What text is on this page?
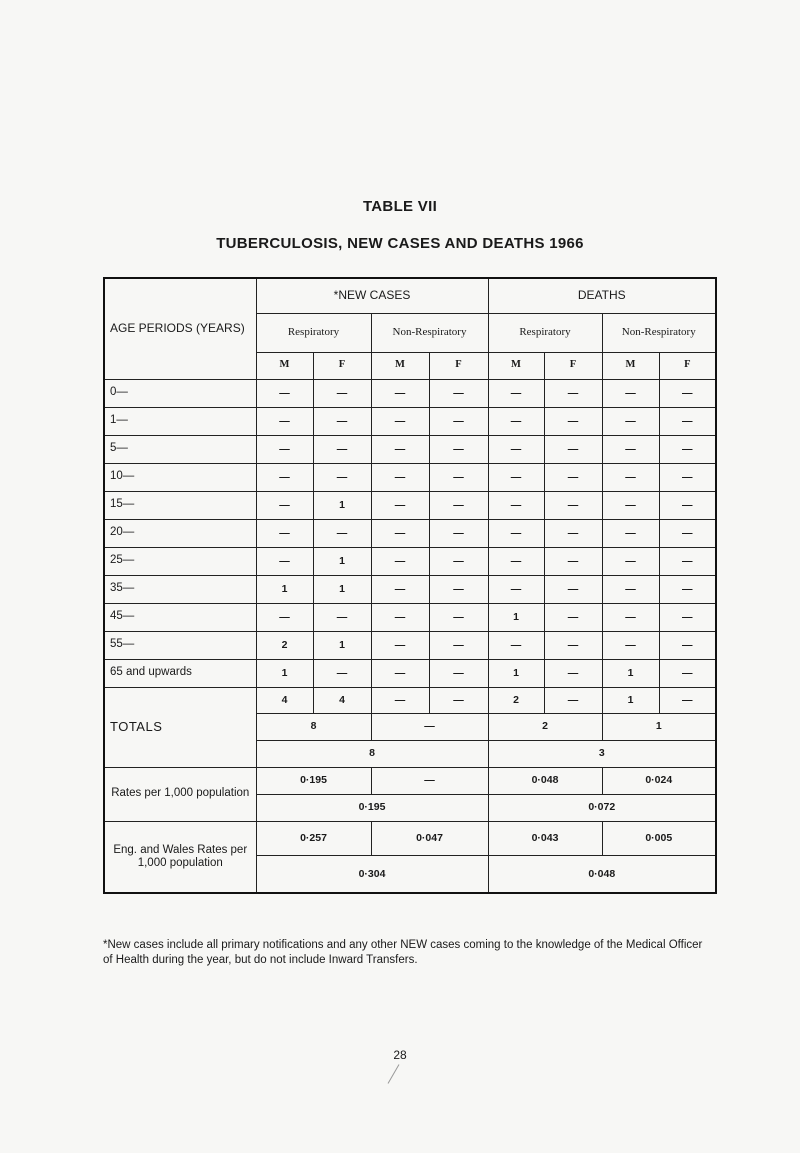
TABLE VII
TUBERCULOSIS, NEW CASES AND DEATHS 1966
AGE PERIODS (YEARS)	*NEW CASES				DEATHS			
	Respiratory		Non-Respiratory		Respiratory		Non-Respiratory	
	M	F	M	F	M	F	M	F
0—	—	—	—	—	—	—	—	—
1—	—	—	—	—	—	—	—	—
5—	—	—	—	—	—	—	—	—
10—	—	—	—	—	—	—	—	—
15—	—	1	—	—	—	—	—	—
20—	—	—	—	—	—	—	—	—
25—	—	1	—	—	—	—	—	—
35—	1	1	—	—	—	—	—	—
45—	—	—	—	—	1	—	—	—
55—	2	1	—	—	—	—	—	—
65 and upwards	1	—	—	—	1	—	1	—
TOTALS	4	4	—	—	2	—	1	—
	8		—		2		1	
	8				3			
Rates per 1,000 population	0·195		—		0·048		0·024	
	0·195				0·072			
Eng. and Wales Rates per 1,000 population	0·257		0·047		0·043		0·005	
	0·304				0·048			
*New cases include all primary notifications and any other NEW cases coming to the knowledge of the Medical Officer of Health during the year, but do not include Inward Transfers.
28
